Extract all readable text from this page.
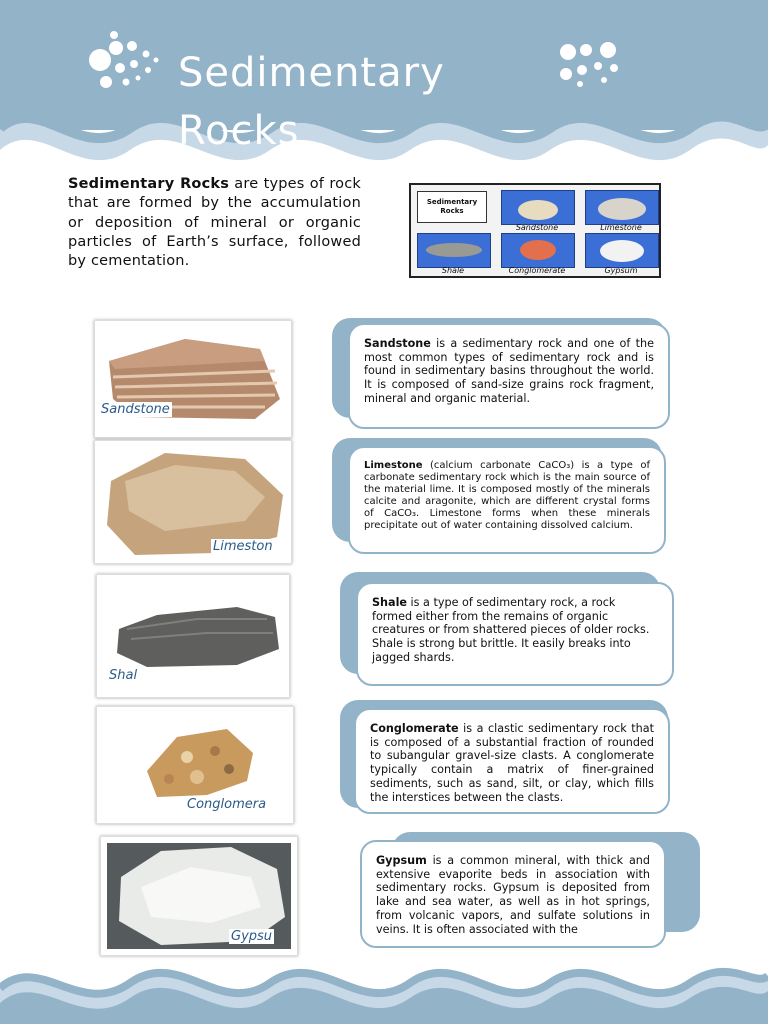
Sedimentary Rocks
Sedimentary Rocks are types of rock that are formed by the accumulation or deposition of mineral or organic particles of Earth’s surface, followed by cementation.
Sedimentary Rocks
Sandstone	Limestone
Shale	Conglomerate	Gypsum
Sandstone
Sandstone is a sedimentary rock and one of the most common types of sedimentary rock and is found in sedimentary basins throughout the world. It is composed of sand-size grains rock fragment, mineral and organic material.
Limeston
Limestone (calcium carbonate CaCO₃) is a type of carbonate sedimentary rock which is the main source of the material lime. It is composed mostly of the minerals calcite and aragonite, which are different crystal forms of CaCO₃. Limestone forms when these minerals precipitate out of water containing dissolved calcium.
Shal
Shale is a type of sedimentary rock, a rock formed either from the remains of organic creatures or from shattered pieces of older rocks. Shale is strong but brittle. It easily breaks into jagged shards.
Conglomera
Conglomerate is a clastic sedimentary rock that is composed of a substantial fraction of rounded to subangular gravel-size clasts. A conglomerate typically contain a matrix of finer-grained sediments, such as sand, silt, or clay, which fills the interstices between the clasts.
Gypsu
Gypsum is a common mineral, with thick and extensive evaporite beds in association with sedimentary rocks. Gypsum is deposited from lake and sea water, as well as in hot springs, from volcanic vapors, and sulfate solutions in veins. It is often associated with the
